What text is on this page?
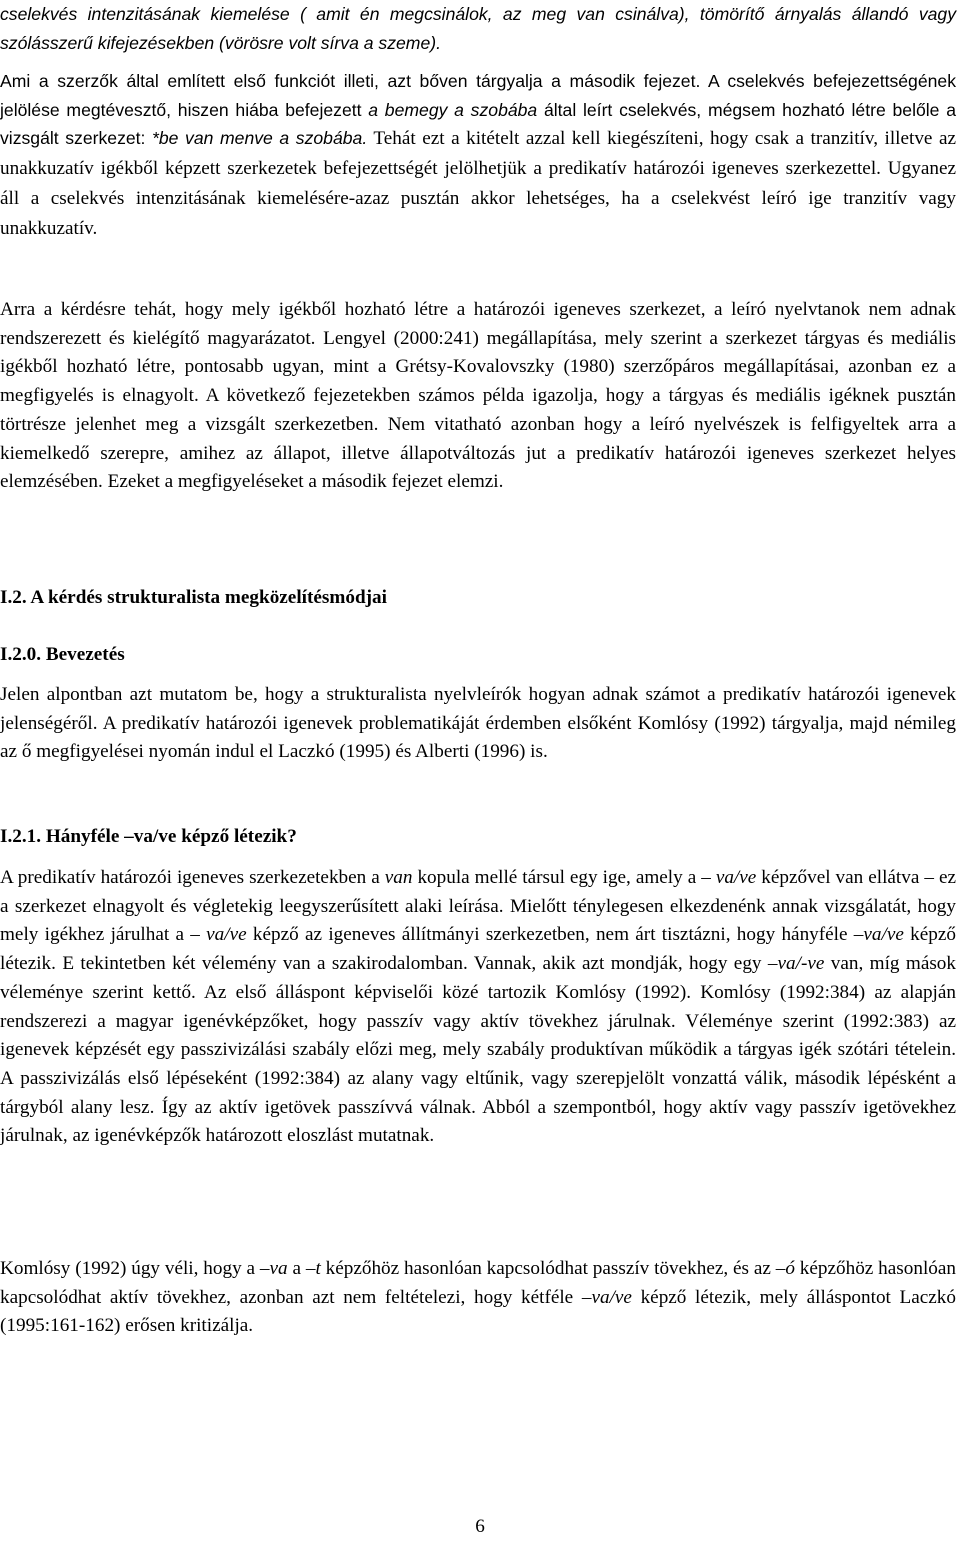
cselekvés intenzitásának kiemelése ( amit én megcsinálok, az meg van csinálva), tömörítő árnyalás állandó vagy szólásszerű kifejezésekben (vörösre volt sírva a szeme).

Ami a szerzők által említett első funkciót illeti, azt bőven tárgyalja a második fejezet. A cselekvés befejezettségének jelölése megtévesztő, hiszen hiába befejezett a bemegy a szobába által leírt cselekvés, mégsem hozható létre belőle a vizsgált szerkezet: *be van menve a szobába. Tehát ezt a kitételt azzal kell kiegészíteni, hogy csak a tranzitív, illetve az unakkuzatív igékből képzett szerkezetek befejezettségét jelölhetjük a predikatív határozói igeneves szerkezettel. Ugyanez áll a cselekvés intenzitásának kiemelésére-azaz pusztán akkor lehetséges, ha a cselekvést leíró ige tranzitív vagy unakkuzatív.

Arra a kérdésre tehát, hogy mely igékből hozható létre a határozói igeneves szerkezet, a leíró nyelvtanok nem adnak rendszerezett és kielégítő magyarázatot. Lengyel (2000:241) megállapítása, mely szerint a szerkezet tárgyas és mediális igékből hozható létre, pontosabb ugyan, mint a Grétsy-Kovalovszky (1980) szerzőpáros megállapításai, azonban ez a megfigyelés is elnagyolt. A következő fejezetekben számos példa igazolja, hogy a tárgyas és mediális igéknek pusztán törtrésze jelenhet meg a vizsgált szerkezetben. Nem vitatható azonban hogy a leíró nyelvészek is felfigyeltek arra a kiemelkedő szerepre, amihez az állapot, illetve állapotváltozás jut a predikatív határozói igeneves szerkezet helyes elemzésében. Ezeket a megfigyeléseket a második fejezet elemzi.

I.2. A kérdés strukturalista megközelítésmódjai

I.2.0. Bevezetés

Jelen alpontban azt mutatom be, hogy a strukturalista nyelvleírók hogyan adnak számot a predikatív határozói igenevek jelenségéről. A predikatív határozói igenevek problematikáját érdemben elsőként Komlósy (1992) tárgyalja, majd némileg az ő megfigyelései nyomán indul el Laczkó (1995) és Alberti (1996) is.

I.2.1. Hányféle –va/ve képző létezik?

A predikatív határozói igeneves szerkezetekben a van kopula mellé társul egy ige, amely a – va/ve képzővel van ellátva – ez a szerkezet elnagyolt és végletekig leegyszerűsített alaki leírása. Mielőtt ténylegesen elkezdenénk annak vizsgálatát, hogy mely igékhez járulhat a – va/ve képző az igeneves állítmányi szerkezetben, nem árt tisztázni, hogy hányféle –va/ve képző létezik. E tekintetben két vélemény van a szakirodalomban. Vannak, akik azt mondják, hogy egy –va/-ve van, míg mások véleménye szerint kettő. Az első álláspont képviselői közé tartozik Komlósy (1992). Komlósy (1992:384) az alapján rendszerezi a magyar igenévképzőket, hogy passzív vagy aktív tövekhez járulnak. Véleménye szerint (1992:383) az igenevek képzését egy passzivizálási szabály előzi meg, mely szabály produktívan működik a tárgyas igék szótári tételein. A passzivizálás első lépéseként (1992:384) az alany vagy eltűnik, vagy szerepjelölt vonzattá válik, második lépésként a tárgyból alany lesz. Így az aktív igetövek passzívvá válnak. Abból a szempontból, hogy aktív vagy passzív igetövekhez járulnak, az igenévképzők határozott eloszlást mutatnak.

Komlósy (1992) úgy véli, hogy a –va a –t képzőhöz hasonlóan kapcsolódhat passzív tövekhez, és az –ó képzőhöz hasonlóan kapcsolódhat aktív tövekhez, azonban azt nem feltételezi, hogy kétféle –va/ve képző létezik, mely álláspontot Laczkó (1995:161-162) erősen kritizálja.

6
